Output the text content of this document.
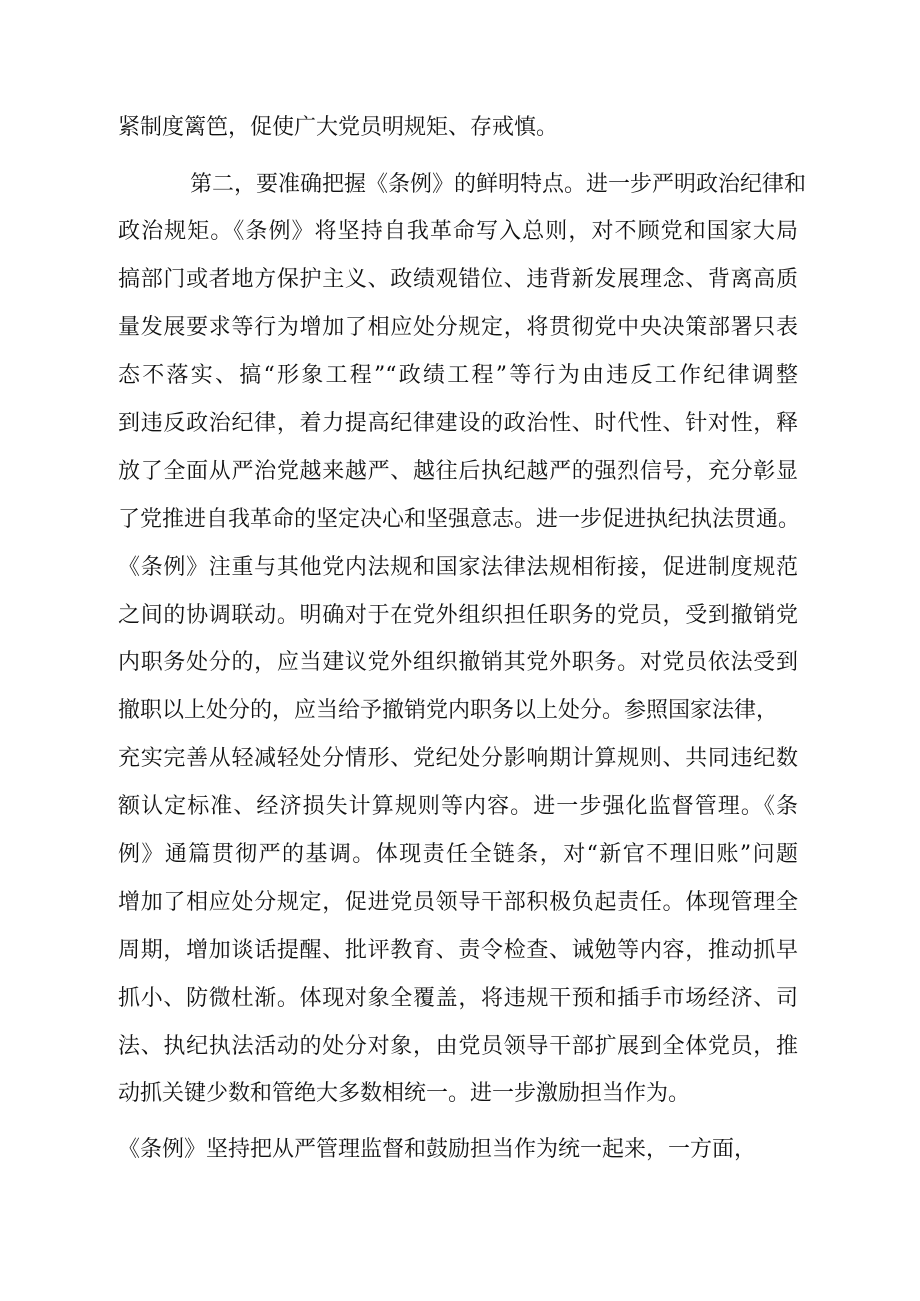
紧制度篱笆，促使广大党员明规矩、存戒慎。
第二，要准确把握《条例》的鲜明特点。进一步严明政治纪律和
政治规矩。《条例》将坚持自我革命写入总则，对不顾党和国家大局
搞部门或者地方保护主义、政绩观错位、违背新发展理念、背离高质
量发展要求等行为增加了相应处分规定，将贯彻党中央决策部署只表
态不落实、搞“形象工程”“政绩工程”等行为由违反工作纪律调整
到违反政治纪律，着力提高纪律建设的政治性、时代性、针对性，释
放了全面从严治党越来越严、越往后执纪越严的强烈信号，充分彰显
了党推进自我革命的坚定决心和坚强意志。进一步促进执纪执法贯通。
《条例》注重与其他党内法规和国家法律法规相衔接，促进制度规范
之间的协调联动。明确对于在党外组织担任职务的党员，受到撤销党
内职务处分的，应当建议党外组织撤销其党外职务。对党员依法受到
撤职以上处分的，应当给予撤销党内职务以上处分。参照国家法律，
充实完善从轻减轻处分情形、党纪处分影响期计算规则、共同违纪数
额认定标准、经济损失计算规则等内容。进一步强化监督管理。《条
例》通篇贯彻严的基调。体现责任全链条，对“新官不理旧账”问题
增加了相应处分规定，促进党员领导干部积极负起责任。体现管理全
周期，增加谈话提醒、批评教育、责令检查、诫勉等内容，推动抓早
抓小、防微杜渐。体现对象全覆盖，将违规干预和插手市场经济、司
法、执纪执法活动的处分对象，由党员领导干部扩展到全体党员，推
动抓关键少数和管绝大多数相统一。进一步激励担当作为。
《条例》坚持把从严管理监督和鼓励担当作为统一起来，一方面，
